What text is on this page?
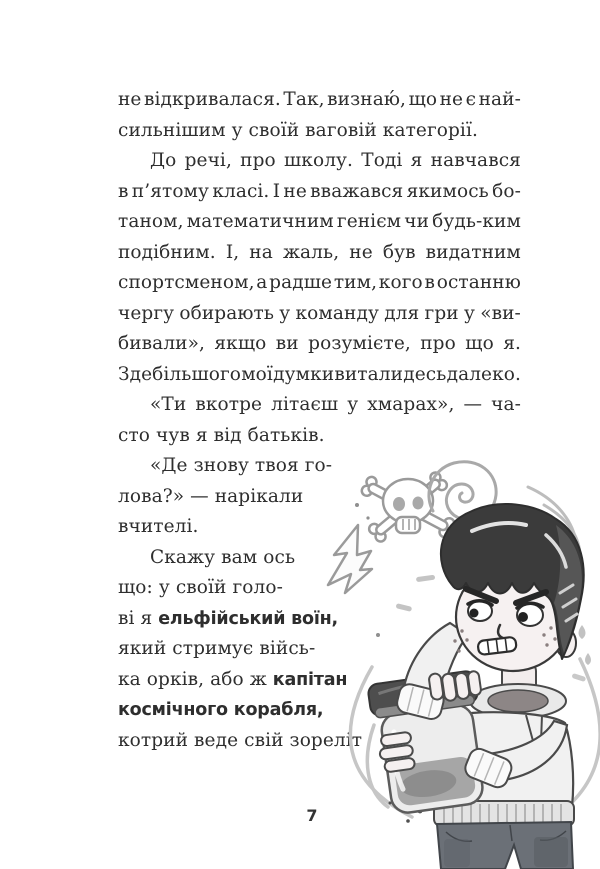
не відкривалася. Так, визнаю́, що не є най-
сильнішим у своїй ваговій категорії.
До речі, про школу. Тоді я навчався
в п’ятому класі. І не вважався якимось бо-
таном, математичним генієм чи будь-ким
подібним. І, на жаль, не був видатним
спортсменом, а радше тим, кого в останню
чергу обирають у команду для гри у «ви-
бивали», якщо ви розумієте, про що я.
Здебільшого мої думки витали десь далеко.
«Ти вкотре літаєш у хмарах», — ча-
сто чув я від батьків.
«Де знову твоя го-
лова?» — нарікали
вчителі.
Скажу вам ось
що: у своїй голо-
ві я ельфійський воїн,
який стримує війсь-
ка орків, або ж капітан
космічного корабля,
котрий веде свій зореліт
7
